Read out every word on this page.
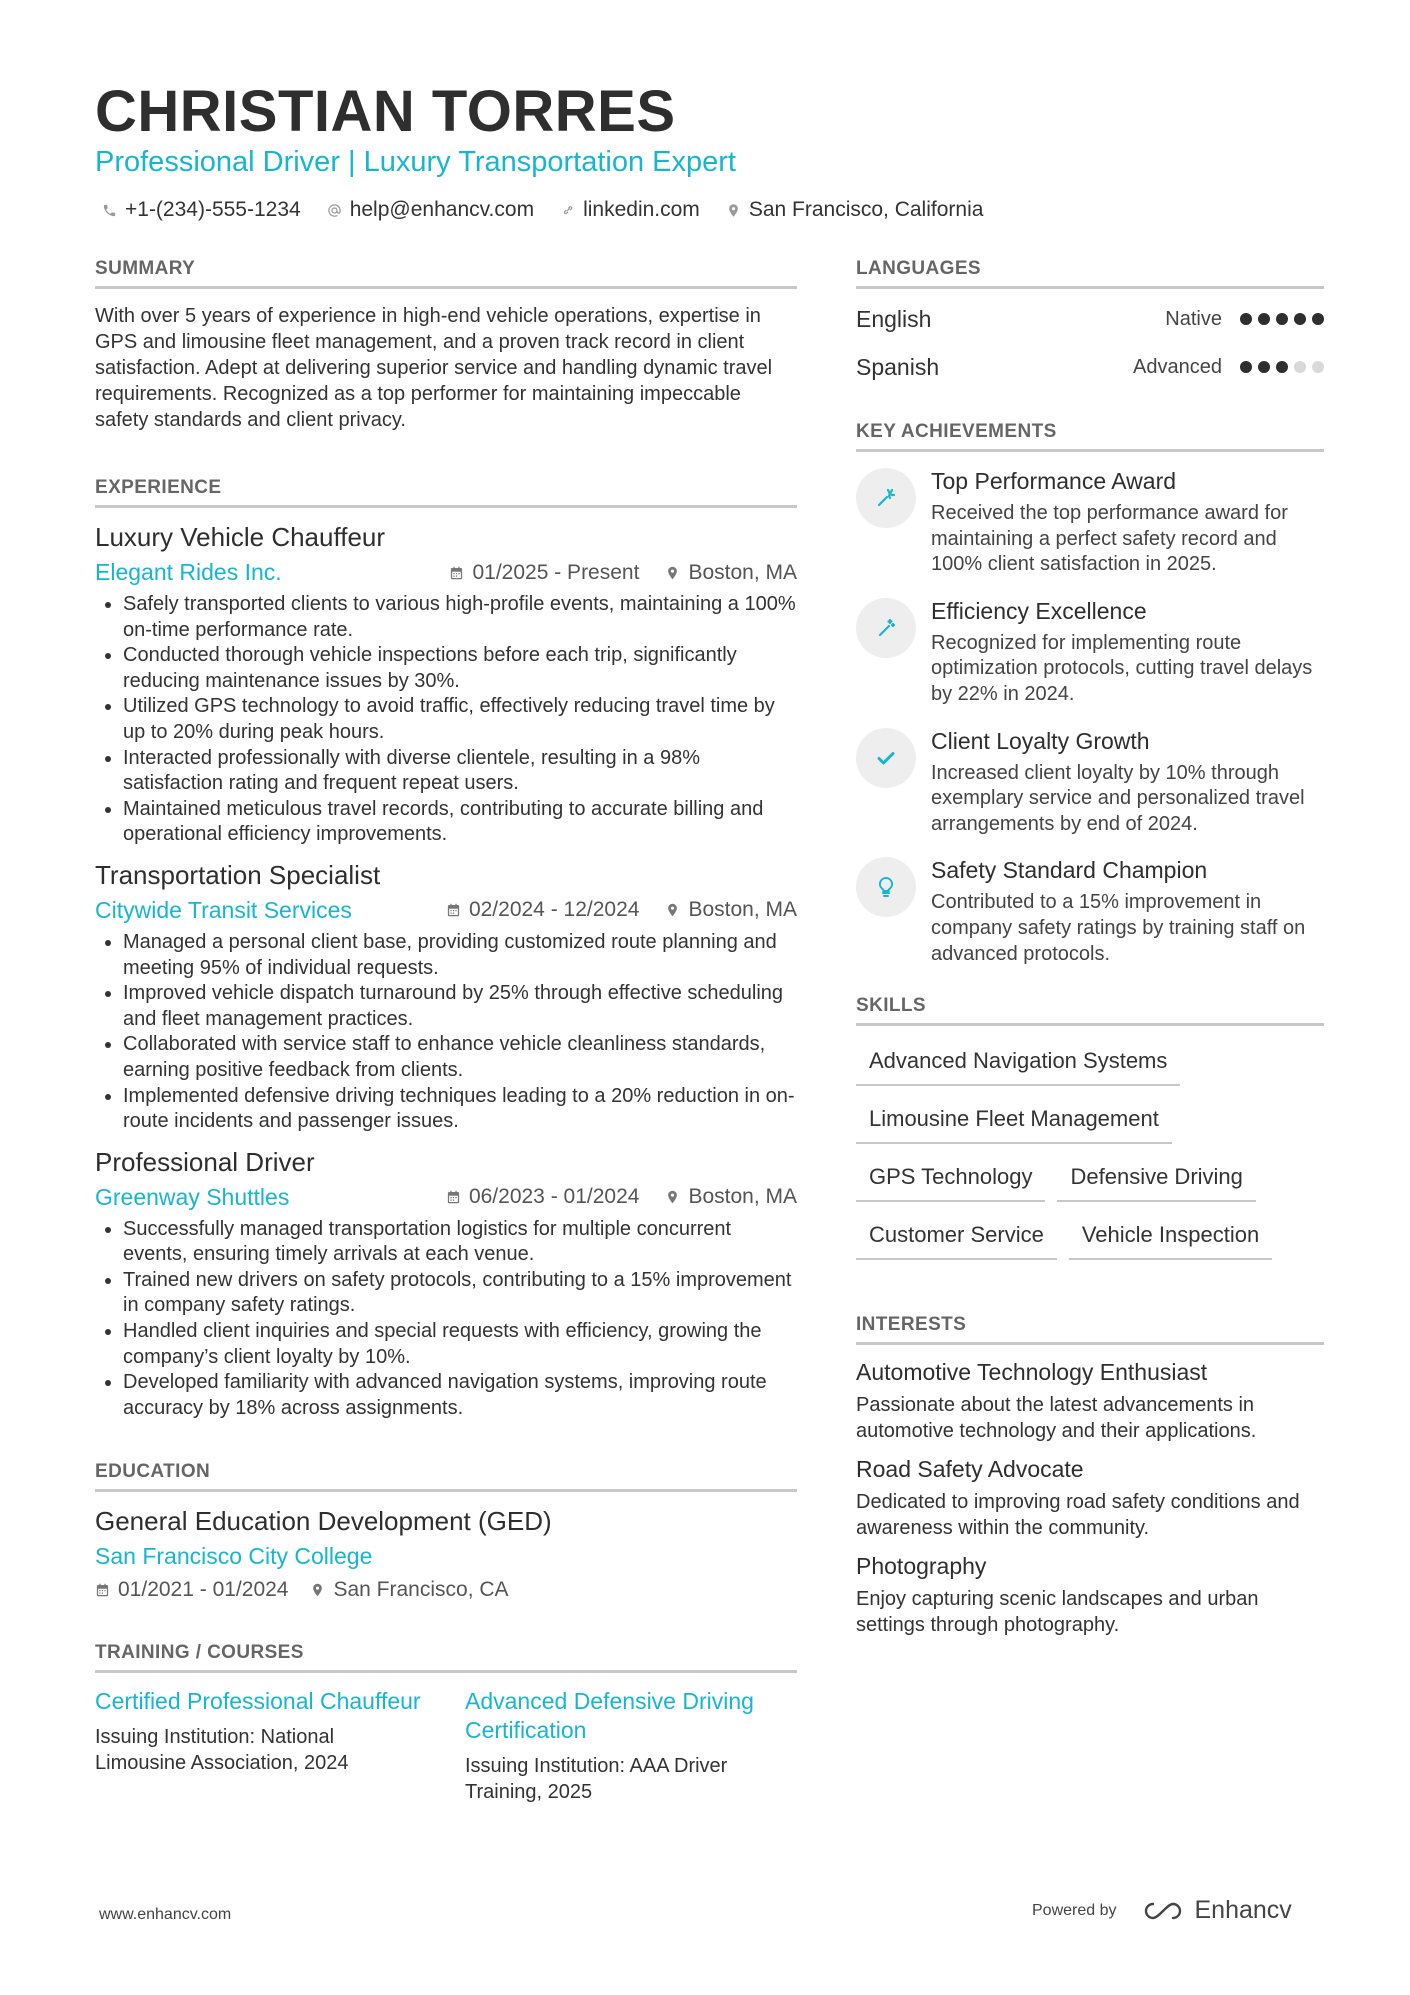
CHRISTIAN TORRES
Professional Driver | Luxury Transportation Expert
+1-(234)-555-1234 help@enhancv.com linkedin.com San Francisco, California
SUMMARY

With over 5 years of experience in high-end vehicle operations, expertise in GPS and limousine fleet management, and a proven track record in client satisfaction. Adept at delivering superior service and handling dynamic travel requirements. Recognized as a top performer for maintaining impeccable safety standards and client privacy.

EXPERIENCE
Luxury Vehicle Chauffeur
Elegant Rides Inc.	01/2025 - Present Boston, MA
• Safely transported clients to various high-profile events, maintaining a 100% on-time performance rate.
• Conducted thorough vehicle inspections before each trip, significantly reducing maintenance issues by 30%.
• Utilized GPS technology to avoid traffic, effectively reducing travel time by up to 20% during peak hours.
• Interacted professionally with diverse clientele, resulting in a 98% satisfaction rating and frequent repeat users.
• Maintained meticulous travel records, contributing to accurate billing and operational efficiency improvements.
Transportation Specialist
Citywide Transit Services	02/2024 - 12/2024 Boston, MA
• Managed a personal client base, providing customized route planning and meeting 95% of individual requests.
• Improved vehicle dispatch turnaround by 25% through effective scheduling and fleet management practices.
• Collaborated with service staff to enhance vehicle cleanliness standards, earning positive feedback from clients.
• Implemented defensive driving techniques leading to a 20% reduction in on-route incidents and passenger issues.
Professional Driver
Greenway Shuttles	06/2023 - 01/2024 Boston, MA
• Successfully managed transportation logistics for multiple concurrent events, ensuring timely arrivals at each venue.
• Trained new drivers on safety protocols, contributing to a 15% improvement in company safety ratings.
• Handled client inquiries and special requests with efficiency, growing the company’s client loyalty by 10%.
• Developed familiarity with advanced navigation systems, improving route accuracy by 18% across assignments.
EDUCATION
General Education Development (GED)
San Francisco City College
01/2021 - 01/2024 San Francisco, CA
TRAINING / COURSES
Certified Professional Chauffeur

Issuing Institution: National Limousine Association, 2024

Advanced Defensive Driving Certification

Issuing Institution: AAA Driver Training, 2025

LANGUAGES
English	Native
Spanish	Advanced
KEY ACHIEVEMENTS
Top Performance Award

Received the top performance award for maintaining a perfect safety record and 100% client satisfaction in 2025.

Efficiency Excellence

Recognized for implementing route optimization protocols, cutting travel delays by 22% in 2024.

Client Loyalty Growth

Increased client loyalty by 10% through exemplary service and personalized travel arrangements by end of 2024.

Safety Standard Champion

Contributed to a 15% improvement in company safety ratings by training staff on advanced protocols.

SKILLS
Advanced Navigation Systems
Limousine Fleet Management
GPS Technology	Defensive Driving
Customer Service	Vehicle Inspection
INTERESTS
Automotive Technology Enthusiast

Passionate about the latest advancements in automotive technology and their applications.

Road Safety Advocate

Dedicated to improving road safety conditions and awareness within the community.

Photography

Enjoy capturing scenic landscapes and urban settings through photography.

www.enhancv.com	Powered by	Enhancv
